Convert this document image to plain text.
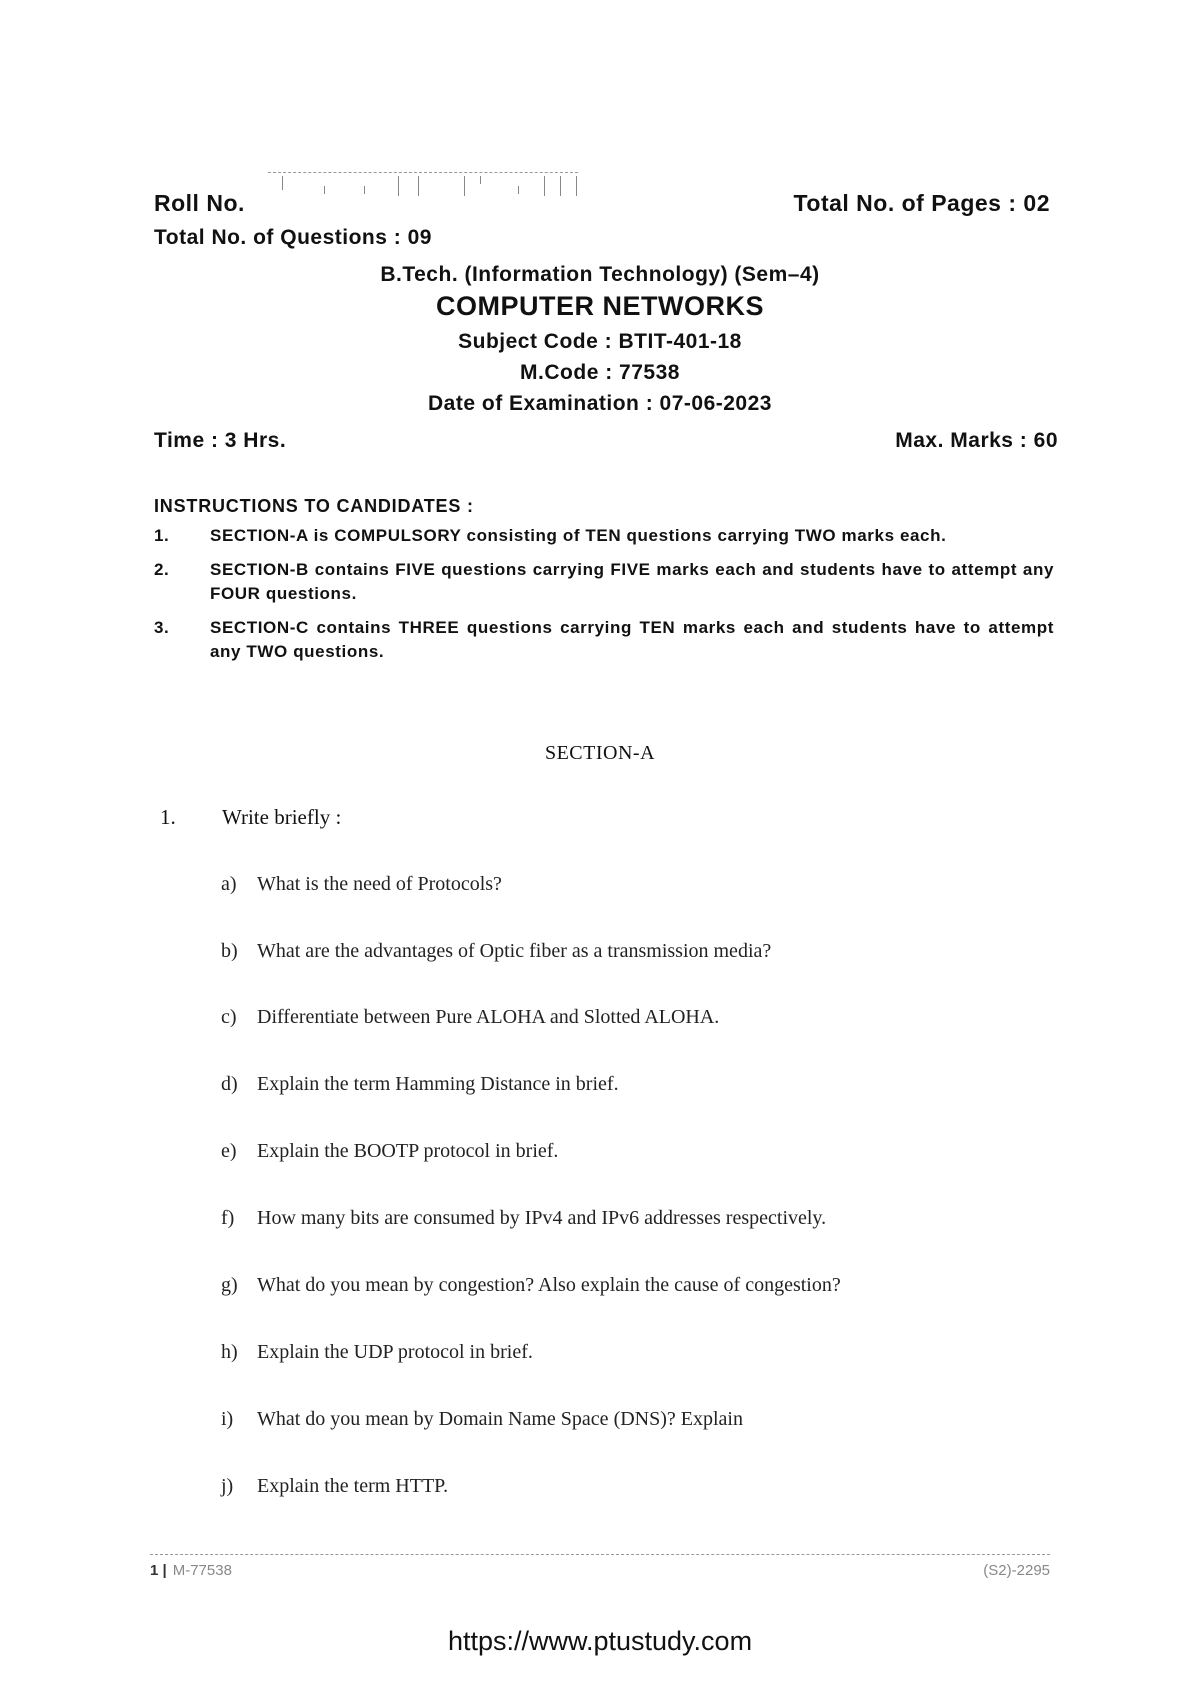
Roll No.	Total No. of Pages : 02
Total No. of Questions : 09
B.Tech. (Information Technology) (Sem–4)
COMPUTER NETWORKS
Subject Code : BTIT-401-18
M.Code : 77538
Date of Examination : 07-06-2023
Time : 3 Hrs.	Max. Marks : 60
INSTRUCTIONS TO CANDIDATES :
1.	SECTION-A is COMPULSORY consisting of TEN questions carrying TWO marks each.
2.	SECTION-B contains FIVE questions carrying FIVE marks each and students have to attempt any FOUR questions.
3.	SECTION-C contains THREE questions carrying TEN marks each and students have to attempt any TWO questions.
SECTION-A
1. Write briefly :
a) What is the need of Protocols?
b) What are the advantages of Optic fiber as a transmission media?
c) Differentiate between Pure ALOHA and Slotted ALOHA.
d) Explain the term Hamming Distance in brief.
e) Explain the BOOTP protocol in brief.
f) How many bits are consumed by IPv4 and IPv6 addresses respectively.
g) What do you mean by congestion? Also explain the cause of congestion?
h) Explain the UDP protocol in brief.
i) What do you mean by Domain Name Space (DNS)? Explain
j) Explain the term HTTP.
1 | M-77538	(S2)-2295
https://www.ptustudy.com
